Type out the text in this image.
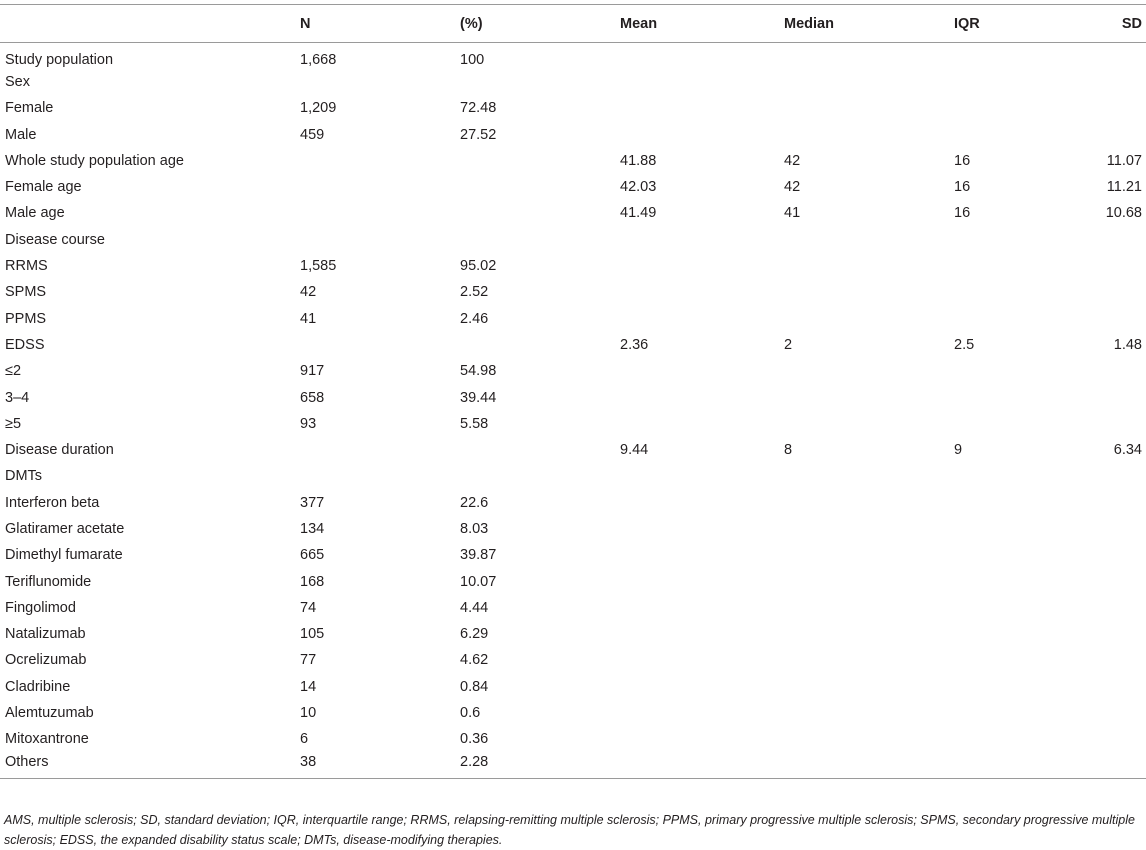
	N	(%)	Mean	Median	IQR	SD
Study population	1,668	100				
Sex						
Female	1,209	72.48				
Male	459	27.52				
Whole study population age			41.88	42	16	11.07
Female age			42.03	42	16	11.21
Male age			41.49	41	16	10.68
Disease course						
RRMS	1,585	95.02				
SPMS	42	2.52				
PPMS	41	2.46				
EDSS			2.36	2	2.5	1.48
≤2	917	54.98				
3–4	658	39.44				
≥5	93	5.58				
Disease duration			9.44	8	9	6.34
DMTs						
Interferon beta	377	22.6				
Glatiramer acetate	134	8.03				
Dimethyl fumarate	665	39.87				
Teriflunomide	168	10.07				
Fingolimod	74	4.44				
Natalizumab	105	6.29				
Ocrelizumab	77	4.62				
Cladribine	14	0.84				
Alemtuzumab	10	0.6				
Mitoxantrone	6	0.36				
Others	38	2.28				
AMS, multiple sclerosis; SD, standard deviation; IQR, interquartile range; RRMS, relapsing-remitting multiple sclerosis; PPMS, primary progressive multiple sclerosis; SPMS, secondary progressive multiple sclerosis; EDSS, the expanded disability status scale; DMTs, disease-modifying therapies.
